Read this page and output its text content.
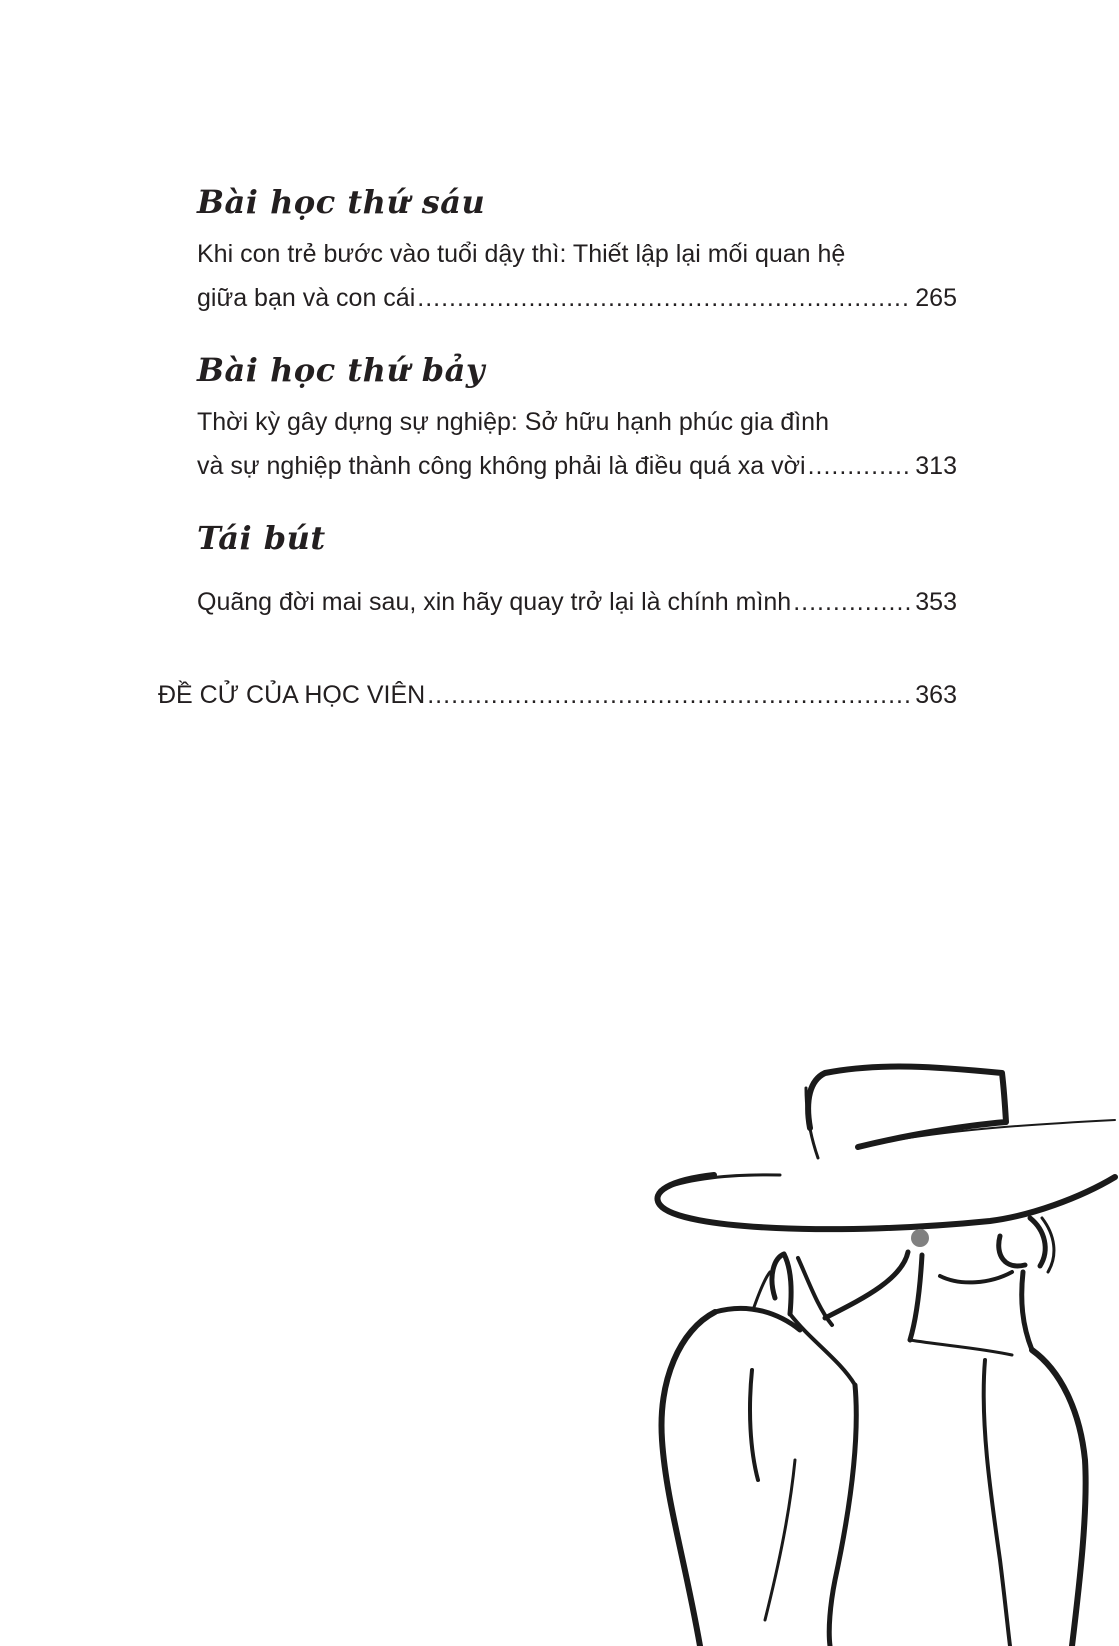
Bài học thứ sáu
Khi con trẻ bước vào tuổi dậy thì: Thiết lập lại mối quan hệ
giữa bạn và con cái .....	265
Bài học thứ bảy
Thời kỳ gây dựng sự nghiệp: Sở hữu hạnh phúc gia đình
và sự nghiệp thành công không phải là điều quá xa vời .....	313
Tái bút
Quãng đời mai sau, xin hãy quay trở lại là chính mình .....	353
ĐỀ CỬ CỦA HỌC VIÊN .....	363
